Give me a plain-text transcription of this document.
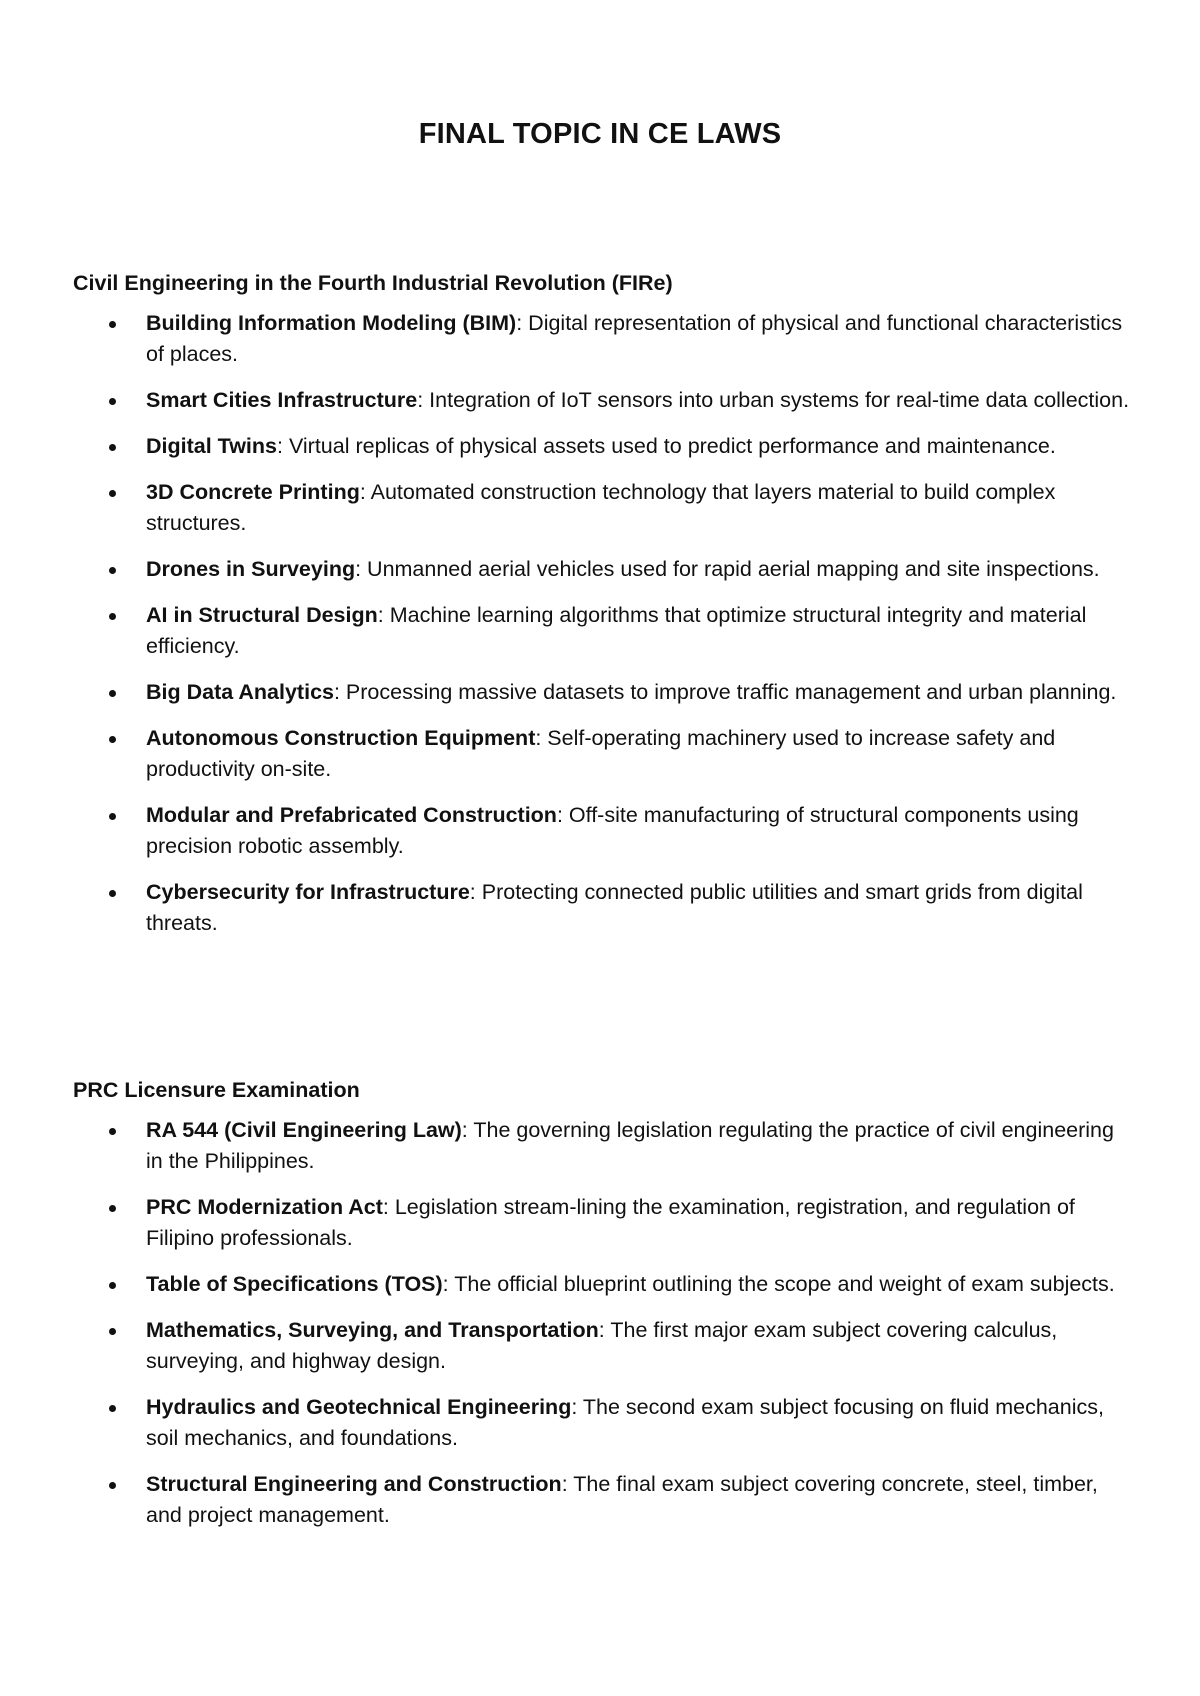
FINAL TOPIC IN CE LAWS
Civil Engineering in the Fourth Industrial Revolution (FIRe)
Building Information Modeling (BIM): Digital representation of physical and functional characteristics of places.
Smart Cities Infrastructure: Integration of IoT sensors into urban systems for real-time data collection.
Digital Twins: Virtual replicas of physical assets used to predict performance and maintenance.
3D Concrete Printing: Automated construction technology that layers material to build complex structures.
Drones in Surveying: Unmanned aerial vehicles used for rapid aerial mapping and site inspections.
AI in Structural Design: Machine learning algorithms that optimize structural integrity and material efficiency.
Big Data Analytics: Processing massive datasets to improve traffic management and urban planning.
Autonomous Construction Equipment: Self-operating machinery used to increase safety and productivity on-site.
Modular and Prefabricated Construction: Off-site manufacturing of structural components using precision robotic assembly.
Cybersecurity for Infrastructure: Protecting connected public utilities and smart grids from digital threats.
PRC Licensure Examination
RA 544 (Civil Engineering Law): The governing legislation regulating the practice of civil engineering in the Philippines.
PRC Modernization Act: Legislation stream-lining the examination, registration, and regulation of Filipino professionals.
Table of Specifications (TOS): The official blueprint outlining the scope and weight of exam subjects.
Mathematics, Surveying, and Transportation: The first major exam subject covering calculus, surveying, and highway design.
Hydraulics and Geotechnical Engineering: The second exam subject focusing on fluid mechanics, soil mechanics, and foundations.
Structural Engineering and Construction: The final exam subject covering concrete, steel, timber, and project management.
